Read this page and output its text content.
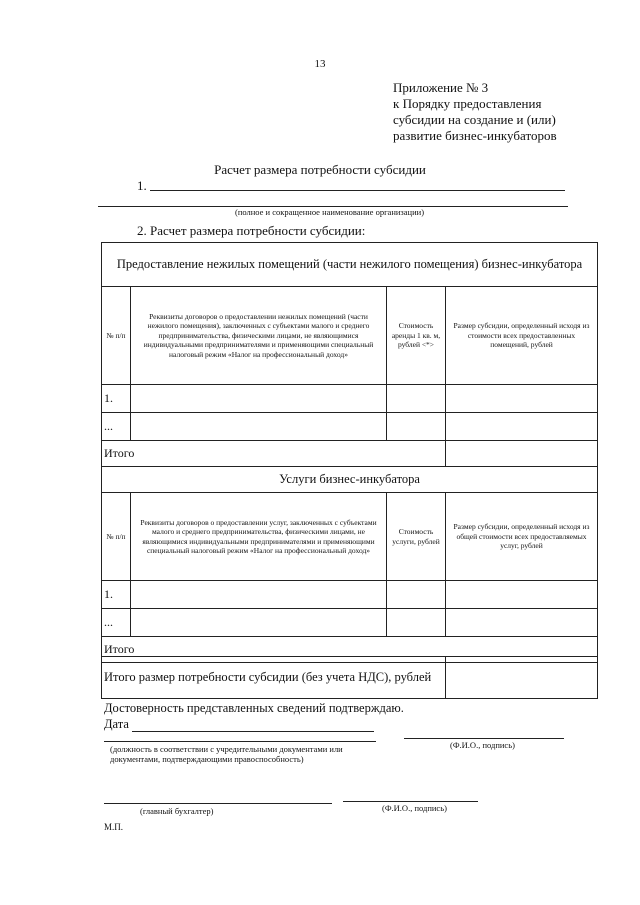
13
Приложение № 3
к Порядку предоставления
субсидии на создание и (или)
развитие бизнес-инкубаторов
Расчет размера потребности субсидии
1.
(полное и сокращенное наименование организации)
2. Расчет размера потребности субсидии:
Предоставление нежилых помещений (части нежилого помещения) бизнес-инкубатора			
№ п/п	Реквизиты договоров о предоставлении нежилых помещений (части нежилого помещения), заключенных с субъектами малого и среднего предпринимательства, физическими лицами, не являющимися индивидуальными предпринимателями и применяющими специальный налоговый режим «Налог на профессиональный доход»	Стоимость аренды 1 кв. м, рублей <*>	Размер субсидии, определенный исходя из стоимости всех предоставленных помещений, рублей
1.			
...			
Итого			
Услуги бизнес-инкубатора			
№ п/п	Реквизиты договоров о предоставлении услуг, заключенных с субъектами малого и среднего предпринимательства, физическими лицами, не являющимися индивидуальными предпринимателями и применяющими специальный налоговый режим «Налог на профессиональный доход»	Стоимость услуги, рублей	Размер субсидии, определенный исходя из общей стоимости всех предоставляемых услуг, рублей
1.			
...			
Итого			
Итого размер потребности субсидии (без учета НДС), рублей	
Достоверность представленных сведений подтверждаю.
Дата
(должность в соответствии с учредительными документами или документами, подтверждающими правоспособность)
(Ф.И.О., подпись)
(главный бухгалтер)	(Ф.И.О., подпись)
М.П.
